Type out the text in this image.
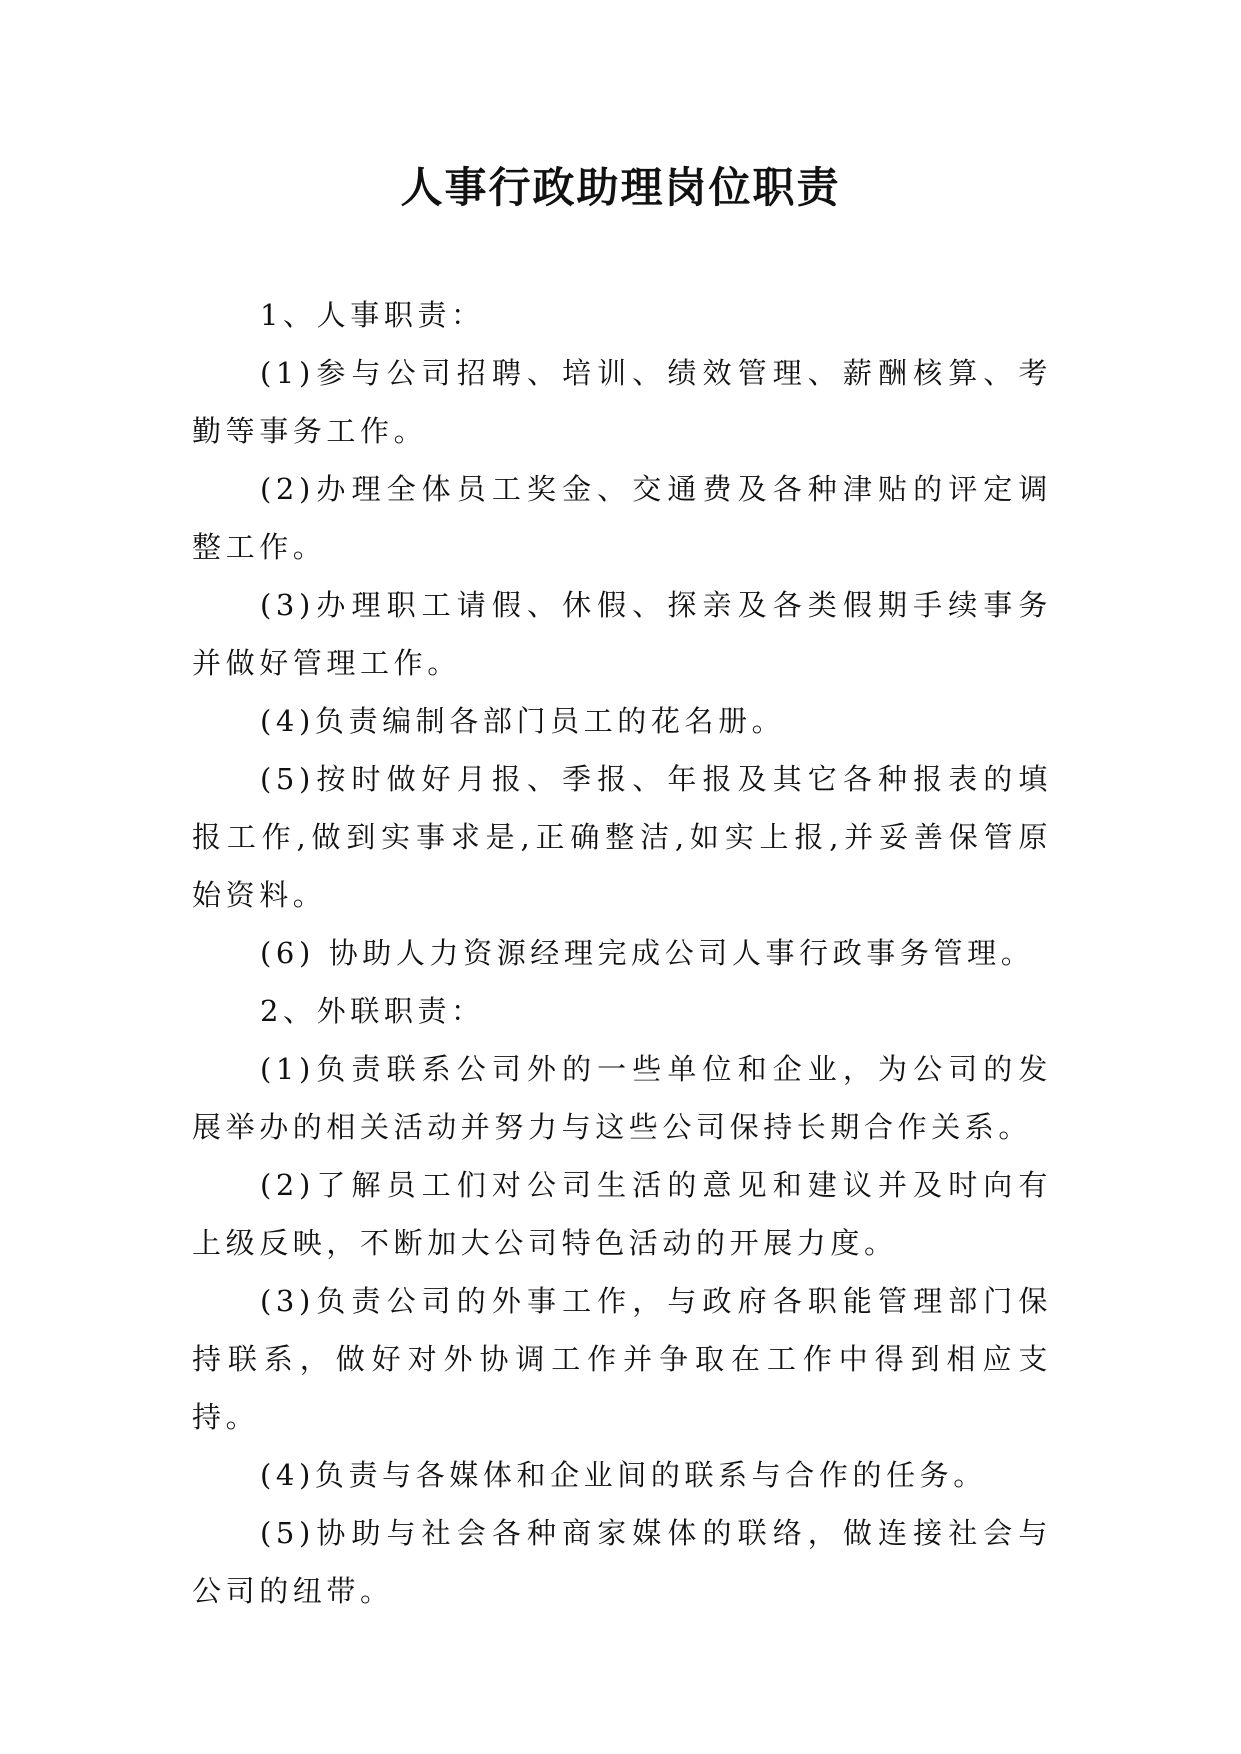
人事行政助理岗位职责

1、人事职责：

(1)参与公司招聘、培训、绩效管理、薪酬核算、考勤等事务工作。

(2)办理全体员工奖金、交通费及各种津贴的评定调整工作。

(3)办理职工请假、休假、探亲及各类假期手续事务并做好管理工作。

(4)负责编制各部门员工的花名册。

(5)按时做好月报、季报、年报及其它各种报表的填报工作,做到实事求是,正确整洁,如实上报,并妥善保管原始资料。

(6) 协助人力资源经理完成公司人事行政事务管理。

2、外联职责：

(1)负责联系公司外的一些单位和企业，为公司的发展举办的相关活动并努力与这些公司保持长期合作关系。

(2)了解员工们对公司生活的意见和建议并及时向有上级反映，不断加大公司特色活动的开展力度。

(3)负责公司的外事工作，与政府各职能管理部门保持联系，做好对外协调工作并争取在工作中得到相应支持。

(4)负责与各媒体和企业间的联系与合作的任务。

(5)协助与社会各种商家媒体的联络，做连接社会与公司的纽带。
